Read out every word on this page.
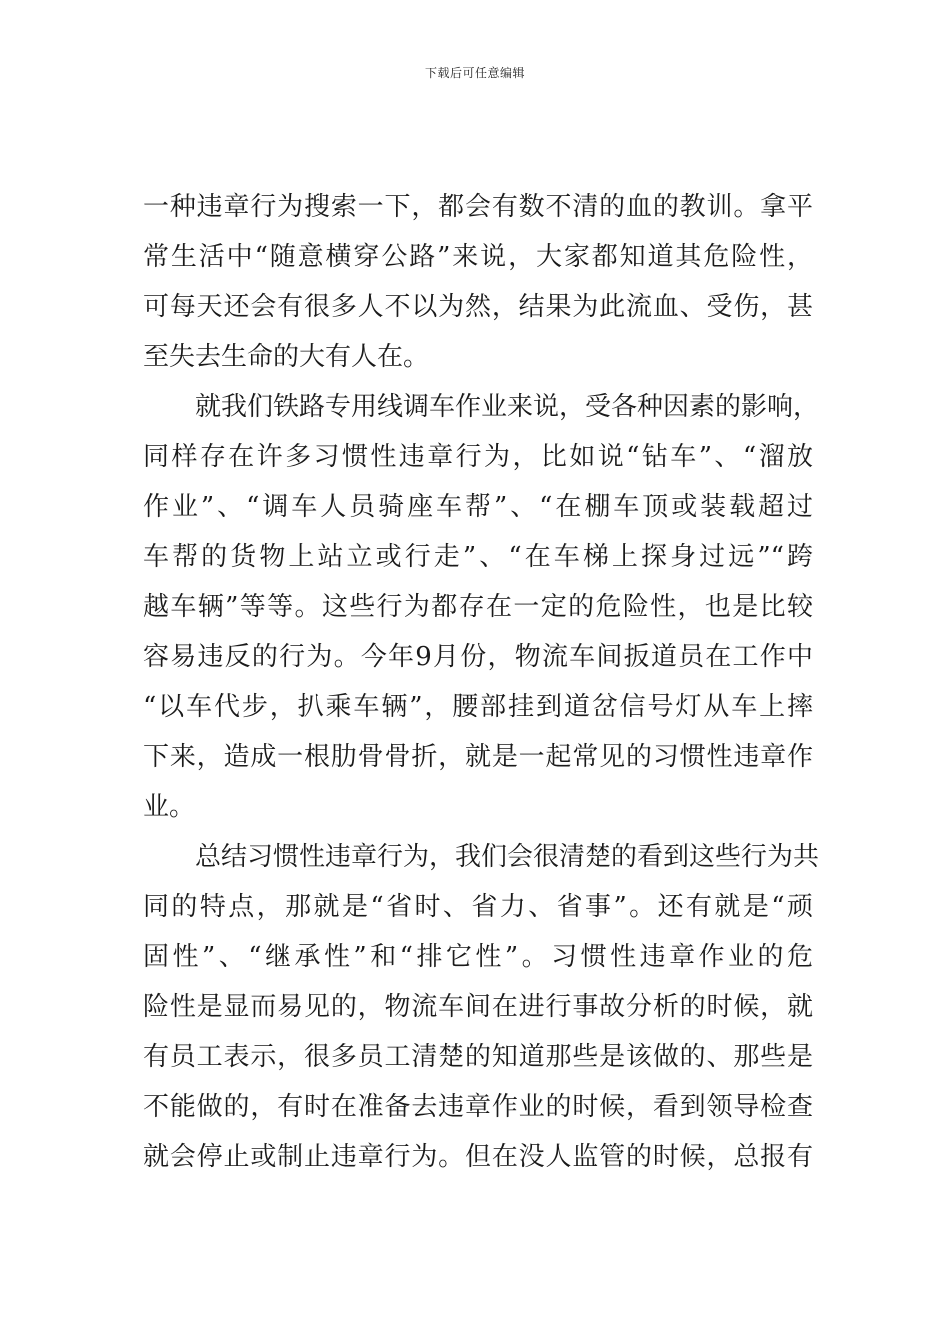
下载后可任意编辑
一种违章行为搜索一下，都会有数不清的血的教训。拿平
常生活中“随意横穿公路”来说，大家都知道其危险性，
可每天还会有很多人不以为然，结果为此流血、受伤，甚
至失去生命的大有人在。
就我们铁路专用线调车作业来说，受各种因素的影响，
同样存在许多习惯性违章行为，比如说“钻车”、“溜放
作业”、“调车人员骑座车帮”、“在棚车顶或装载超过
车帮的货物上站立或行走”、“在车梯上探身过远”“跨
越车辆”等等。这些行为都存在一定的危险性，也是比较
容易违反的行为。今年9月份，物流车间扳道员在工作中
“以车代步，扒乘车辆”，腰部挂到道岔信号灯从车上摔
下来，造成一根肋骨骨折，就是一起常见的习惯性违章作
业。
总结习惯性违章行为，我们会很清楚的看到这些行为共
同的特点，那就是“省时、省力、省事”。还有就是“顽
固性”、“继承性”和“排它性”。习惯性违章作业的危
险性是显而易见的，物流车间在进行事故分析的时候，就
有员工表示，很多员工清楚的知道那些是该做的、那些是
不能做的，有时在准备去违章作业的时候，看到领导检查
就会停止或制止违章行为。但在没人监管的时候，总报有
